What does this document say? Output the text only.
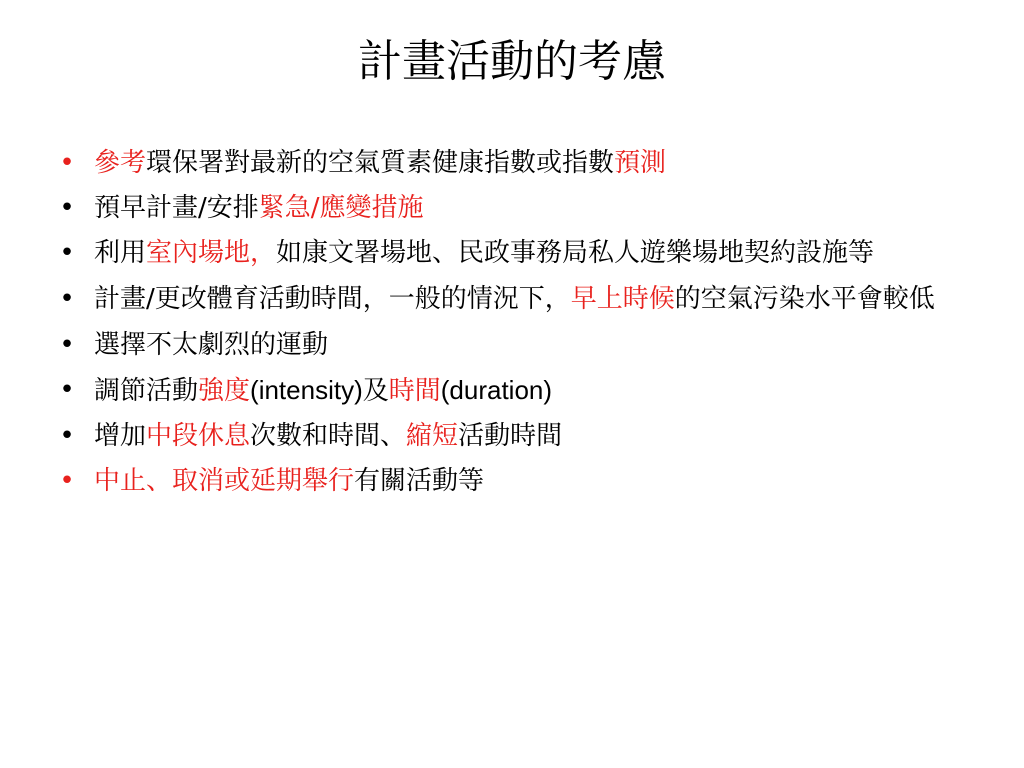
計畫活動的考慮
• 參考環保署對最新的空氣質素健康指數或指數預測
• 預早計畫/安排緊急/應變措施
• 利用室內場地，如康文署場地、民政事務局私人遊樂場地契約設施等
• 計畫/更改體育活動時間，一般的情況下，早上時候的空氣污染水平會較低
• 選擇不太劇烈的運動
• 調節活動強度(intensity)及時間(duration)
• 增加中段休息次數和時間、縮短活動時間
• 中止、取消或延期舉行有關活動等
